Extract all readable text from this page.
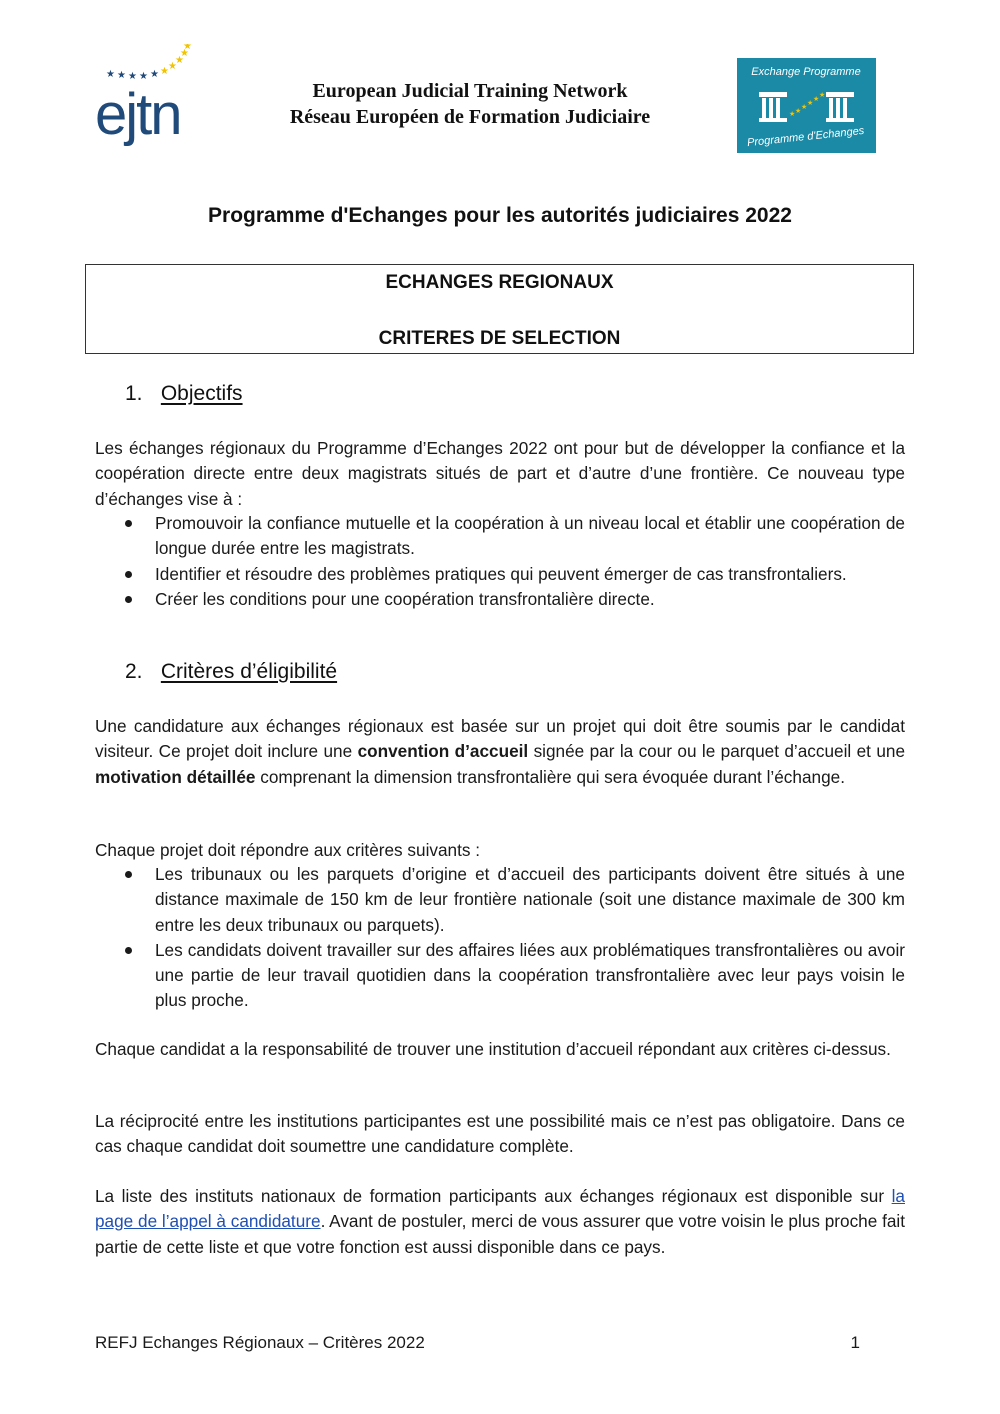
★ ★ ★ ★ ★ ★ ★
★
★
★
ejtn	European Judicial Training Network
Réseau Européen de Formation Judiciaire
Exchange Programme
★ ★
★
★
★
★
Programme d'Echanges
Programme d'Echanges pour les autorités judiciaires 2022
ECHANGES REGIONAUX
CRITERES DE SELECTION
1. Objectifs
Les échanges régionaux du Programme d’Echanges 2022 ont pour but de développer la confiance et la coopération directe entre deux magistrats situés de part et d’autre d’une frontière. Ce nouveau type d’échanges vise à :
Promouvoir la confiance mutuelle et la coopération à un niveau local et établir une coopération de longue durée entre les magistrats.
Identifier et résoudre des problèmes pratiques qui peuvent émerger de cas transfrontaliers.
Créer les conditions pour une coopération transfrontalière directe.
2. Critères d’éligibilité
Une candidature aux échanges régionaux est basée sur un projet qui doit être soumis par le candidat visiteur. Ce projet doit inclure une convention d’accueil signée par la cour ou le parquet d’accueil et une motivation détaillée comprenant la dimension transfrontalière qui sera évoquée durant l’échange.
Chaque projet doit répondre aux critères suivants :
Les tribunaux ou les parquets d’origine et d’accueil des participants doivent être situés à une distance maximale de 150 km de leur frontière nationale (soit une distance maximale de 300 km entre les deux tribunaux ou parquets).
Les candidats doivent travailler sur des affaires liées aux problématiques transfrontalières ou avoir une partie de leur travail quotidien dans la coopération transfrontalière avec leur pays voisin le plus proche.
Chaque candidat a la responsabilité de trouver une institution d’accueil répondant aux critères ci-dessus.
La réciprocité entre les institutions participantes est une possibilité mais ce n’est pas obligatoire. Dans ce cas chaque candidat doit soumettre une candidature complète.
La liste des instituts nationaux de formation participants aux échanges régionaux est disponible sur la page de l’appel à candidature. Avant de postuler, merci de vous assurer que votre voisin le plus proche fait partie de cette liste et que votre fonction est aussi disponible dans ce pays.
REFJ Echanges Régionaux – Critères 2022	1
